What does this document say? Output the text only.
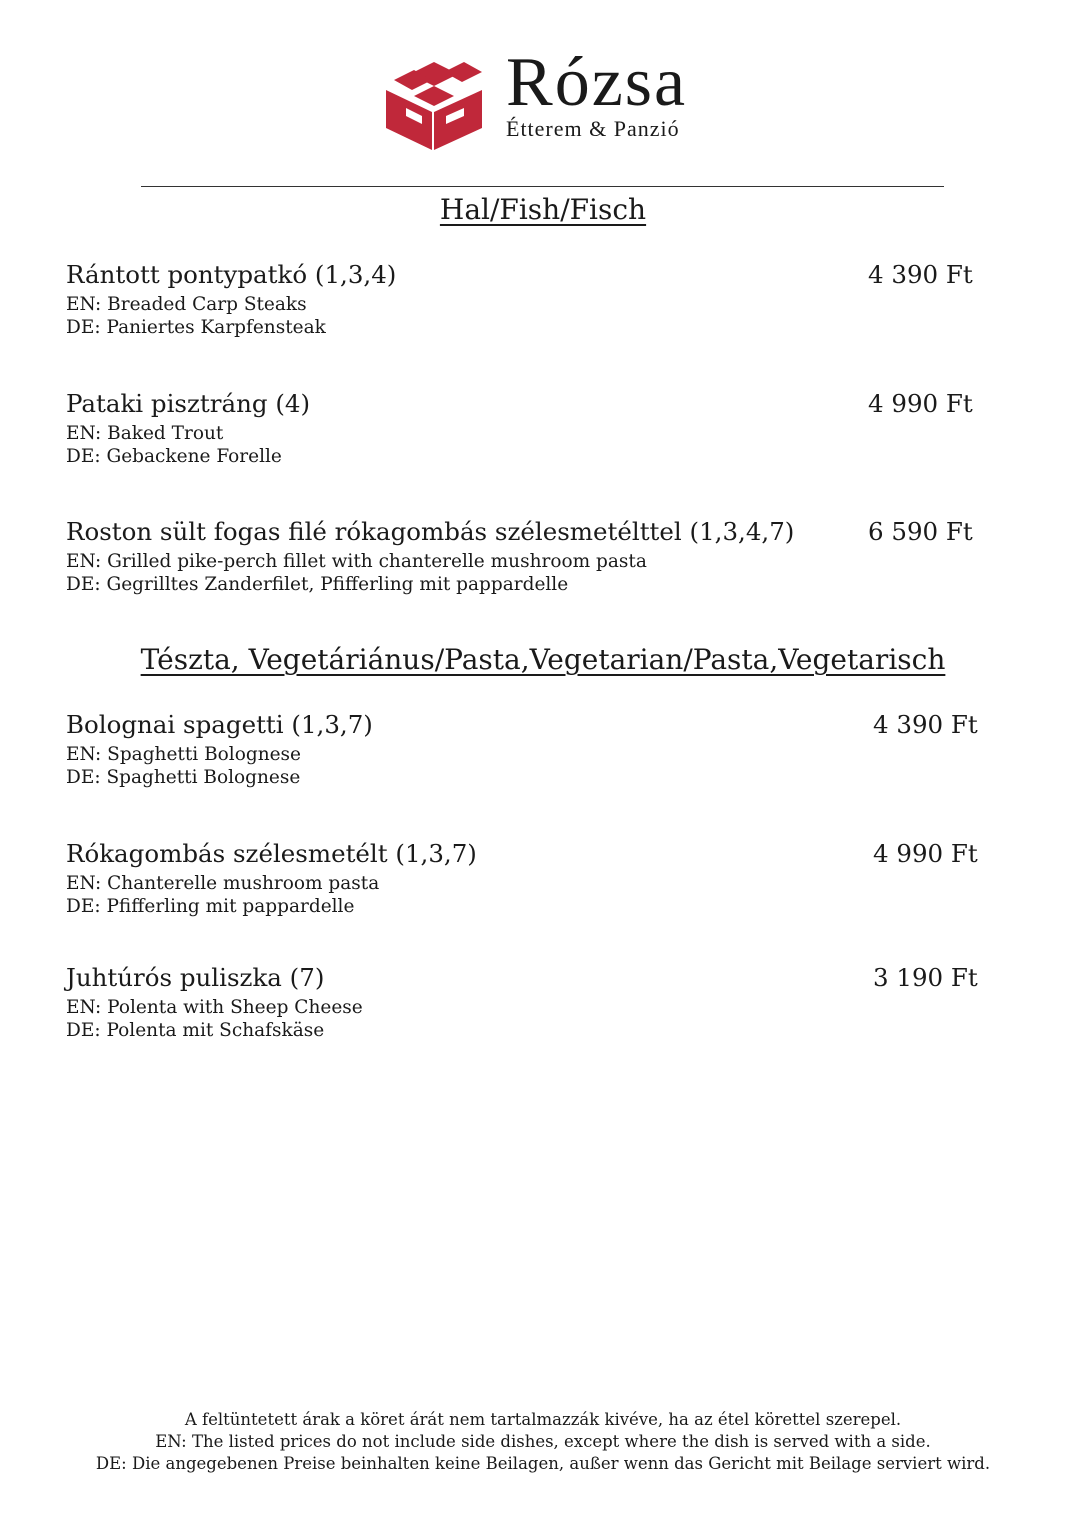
Rózsa
Étterem & Panzió
Hal/Fish/Fisch
Rántott pontypatkó (1,3,4)	4 390 Ft
EN: Breaded Carp Steaks
DE: Paniertes Karpfensteak
Pataki pisztráng (4)	4 990 Ft
EN: Baked Trout
DE: Gebackene Forelle
Roston sült fogas filé rókagombás szélesmetélttel (1,3,4,7)	6 590 Ft
EN: Grilled pike-perch fillet with chanterelle mushroom pasta
DE: Gegrilltes Zanderfilet, Pfifferling mit pappardelle
Tészta, Vegetáriánus/Pasta,Vegetarian/Pasta,Vegetarisch
Bolognai spagetti (1,3,7)	4 390 Ft
EN: Spaghetti Bolognese
DE: Spaghetti Bolognese
Rókagombás szélesmetélt (1,3,7)	4 990 Ft
EN: Chanterelle mushroom pasta
DE: Pfifferling mit pappardelle
Juhtúrós puliszka (7)	3 190 Ft
EN: Polenta with Sheep Cheese
DE: Polenta mit Schafskäse
A feltüntetett árak a köret árát nem tartalmazzák kivéve, ha az étel körettel szerepel.
EN: The listed prices do not include side dishes, except where the dish is served with a side.
DE: Die angegebenen Preise beinhalten keine Beilagen, außer wenn das Gericht mit Beilage serviert wird.
